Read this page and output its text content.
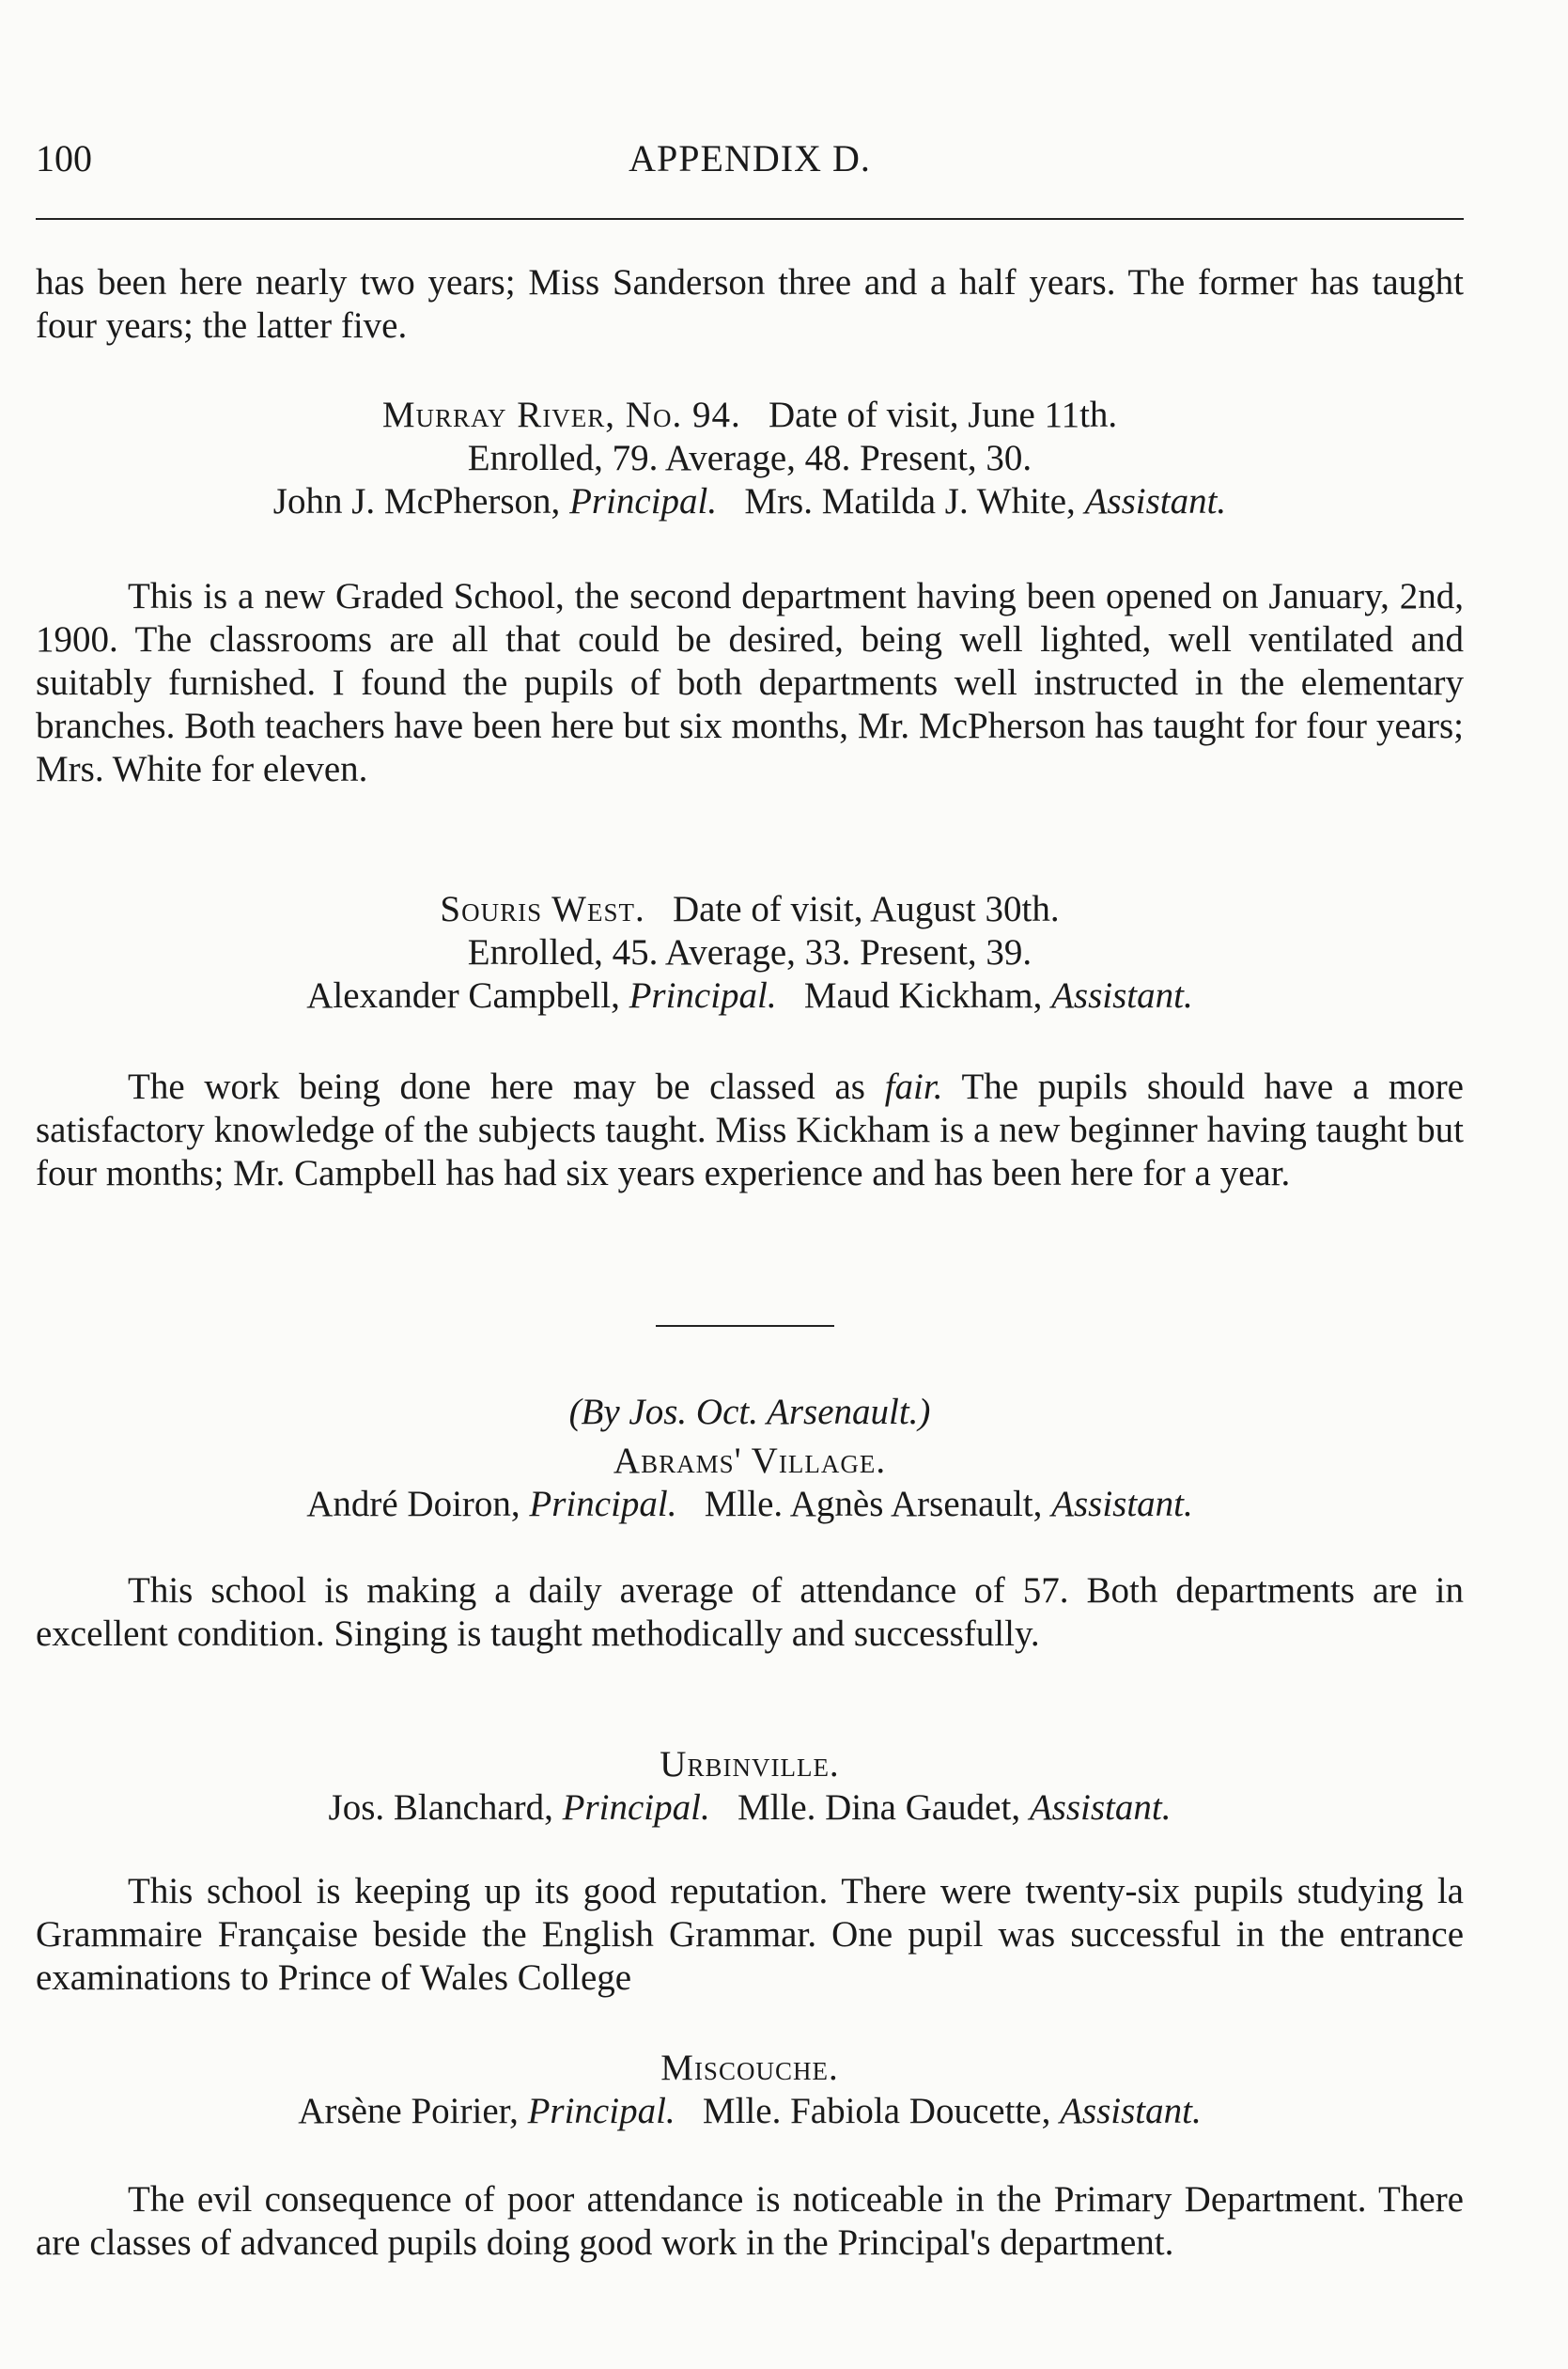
100	APPENDIX D.

has been here nearly two years; Miss Sanderson three and a half years. The former has taught four years; the latter five.

Murray River, No. 94. Date of visit, June 11th.

Enrolled, 79. Average, 48. Present, 30.

John J. McPherson, Principal. Mrs. Matilda J. White, Assistant.

This is a new Graded School, the second department having been opened on January, 2nd, 1900. The classrooms are all that could be desired, being well lighted, well ventilated and suitably furnished. I found the pupils of both departments well instructed in the elementary branches. Both teachers have been here but six months, Mr. McPherson has taught for four years; Mrs. White for eleven.

Souris West. Date of visit, August 30th.

Enrolled, 45. Average, 33. Present, 39.

Alexander Campbell, Principal. Maud Kickham, Assistant.

The work being done here may be classed as fair. The pupils should have a more satisfactory knowledge of the subjects taught. Miss Kickham is a new beginner having taught but four months; Mr. Campbell has had six years experience and has been here for a year.

(By Jos. Oct. Arsenault.)

Abrams' Village.

André Doiron, Principal. Mlle. Agnès Arsenault, Assistant.

This school is making a daily average of attendance of 57. Both departments are in excellent condition. Singing is taught methodically and successfully.

Urbinville.

Jos. Blanchard, Principal. Mlle. Dina Gaudet, Assistant.

This school is keeping up its good reputation. There were twenty-six pupils studying la Grammaire Française beside the English Grammar. One pupil was successful in the entrance examinations to Prince of Wales College

Miscouche.

Arsène Poirier, Principal. Mlle. Fabiola Doucette, Assistant.

The evil consequence of poor attendance is noticeable in the Primary Department. There are classes of advanced pupils doing good work in the Principal's department.
